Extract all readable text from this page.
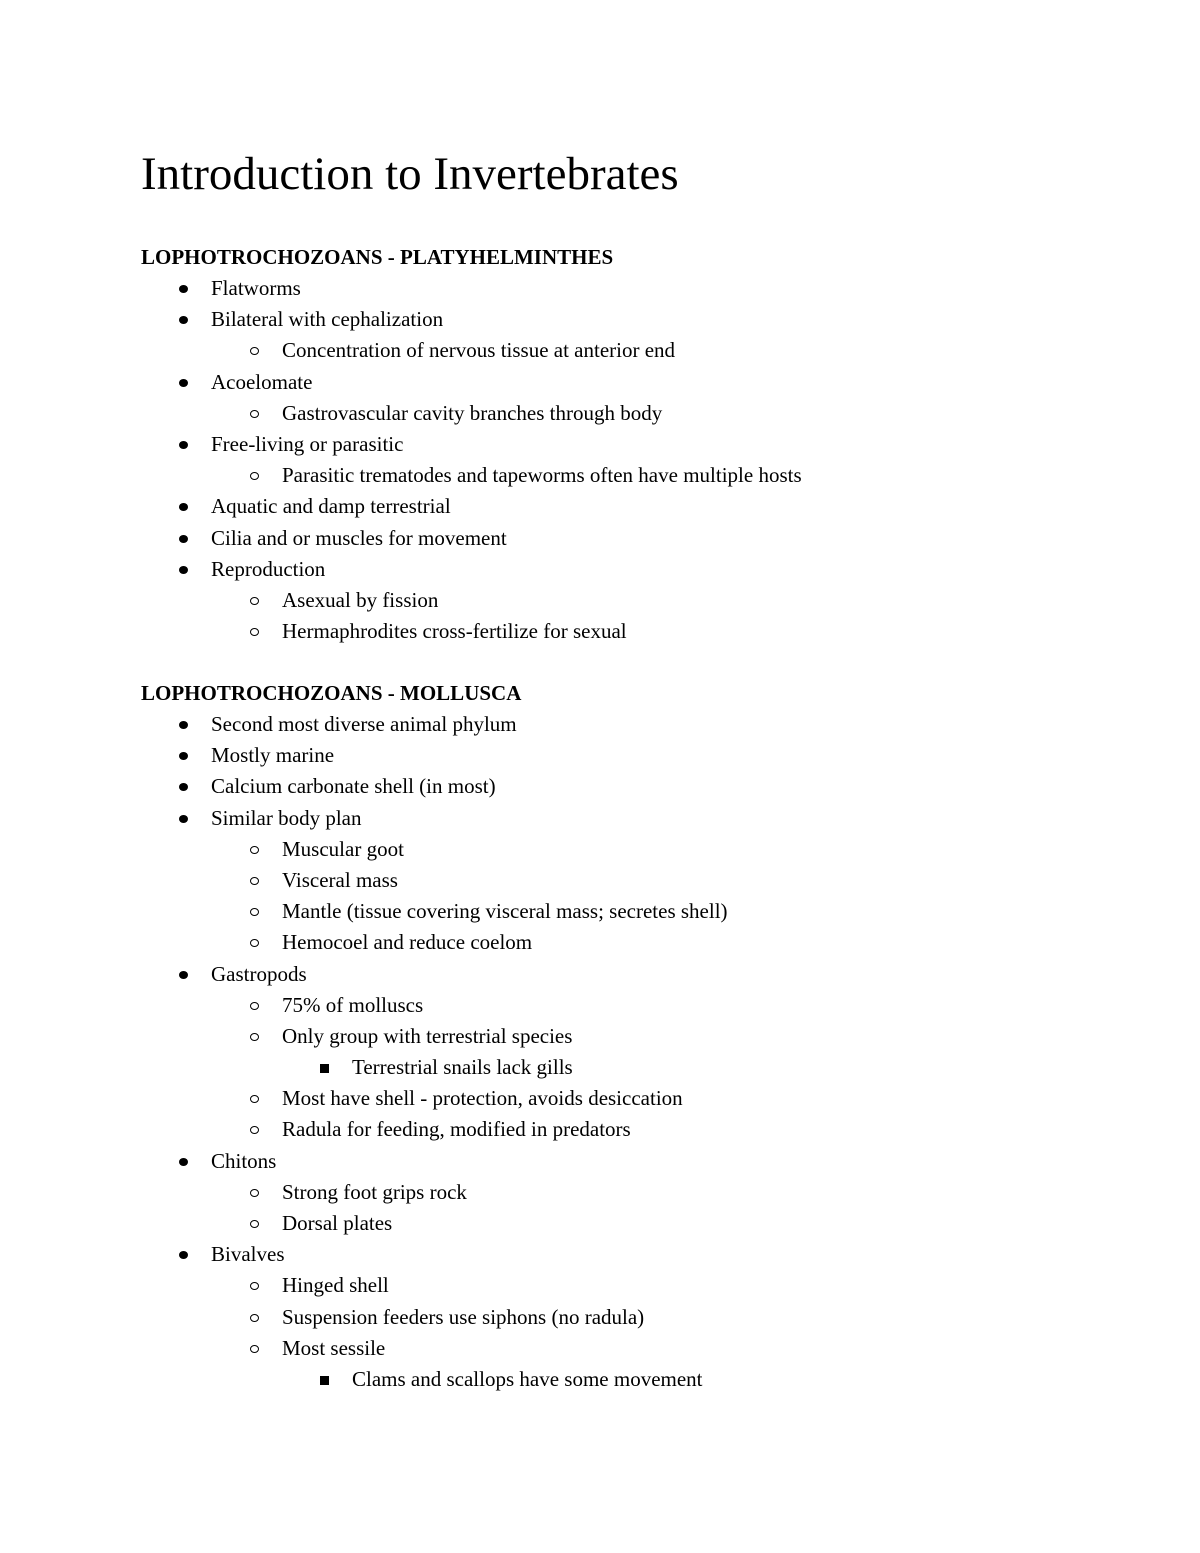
Introduction to Invertebrates
LOPHOTROCHOZOANS - PLATYHELMINTHES
Flatworms
Bilateral with cephalization
Concentration of nervous tissue at anterior end
Acoelomate
Gastrovascular cavity branches through body
Free-living or parasitic
Parasitic trematodes and tapeworms often have multiple hosts
Aquatic and damp terrestrial
Cilia and or muscles for movement
Reproduction
Asexual by fission
Hermaphrodites cross-fertilize for sexual
LOPHOTROCHOZOANS - MOLLUSCA
Second most diverse animal phylum
Mostly marine
Calcium carbonate shell (in most)
Similar body plan
Muscular goot
Visceral mass
Mantle (tissue covering visceral mass; secretes shell)
Hemocoel and reduce coelom
Gastropods
75% of molluscs
Only group with terrestrial species
Terrestrial snails lack gills
Most have shell - protection, avoids desiccation
Radula for feeding, modified in predators
Chitons
Strong foot grips rock
Dorsal plates
Bivalves
Hinged shell
Suspension feeders use siphons (no radula)
Most sessile
Clams and scallops have some movement
